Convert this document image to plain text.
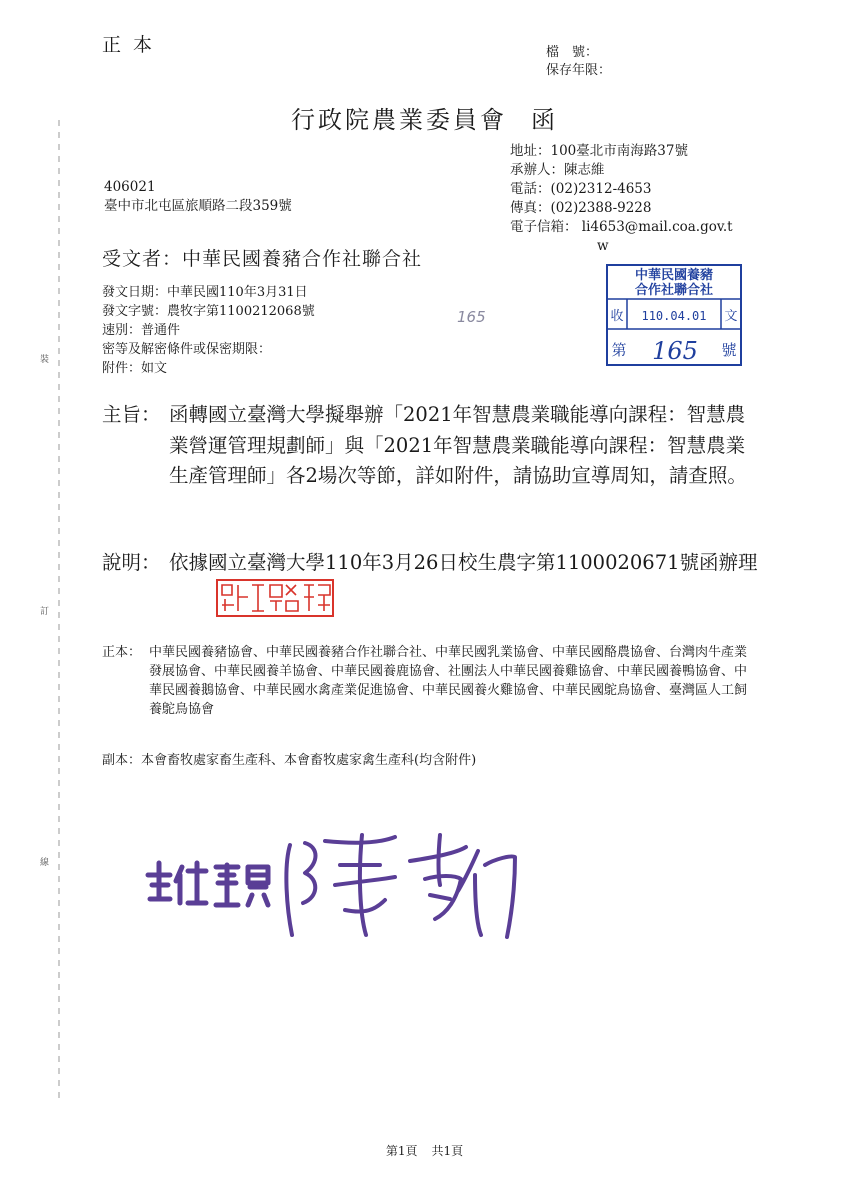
裝
訂
線
正本	檔　號：
保存年限：
行政院農業委員會 函
地址：100臺北市南海路37號
承辦人：陳志維
電話：(02)2312-4653
傳真：(02)2388-9228
電子信箱： li4653@mail.coa.gov.t
w
406021
臺中市北屯區旅順路二段359號
受文者：中華民國養豬合作社聯合社
發文日期：中華民國110年3月31日
發文字號：農牧字第1100212068號
速別：普通件
密等及解密條件或保密期限：
附件：如文
165
中華民國養豬
合作社聯合社
收 110.04.01 文
第 165 號
主旨： 函轉國立臺灣大學擬舉辦「2021年智慧農業職能導向課程：智慧農業營運管理規劃師」與「2021年智慧農業職能導向課程：智慧農業生產管理師」各2場次等節，詳如附件，請協助宣導周知，請查照。
說明： 依據國立臺灣大學110年3月26日校生農字第1100020671號函辦理
正本： 中華民國養豬協會、中華民國養豬合作社聯合社、中華民國乳業協會、中華民國酪農協會、台灣肉牛產業發展協會、中華民國養羊協會、中華民國養鹿協會、社團法人中華民國養雞協會、中華民國養鴨協會、中華民國養鵝協會、中華民國水禽產業促進協會、中華民國養火雞協會、中華民國鴕鳥協會、臺灣區人工飼養鴕鳥協會
副本：本會畜牧處家畜生產科、本會畜牧處家禽生產科(均含附件)
第1頁 共1頁
